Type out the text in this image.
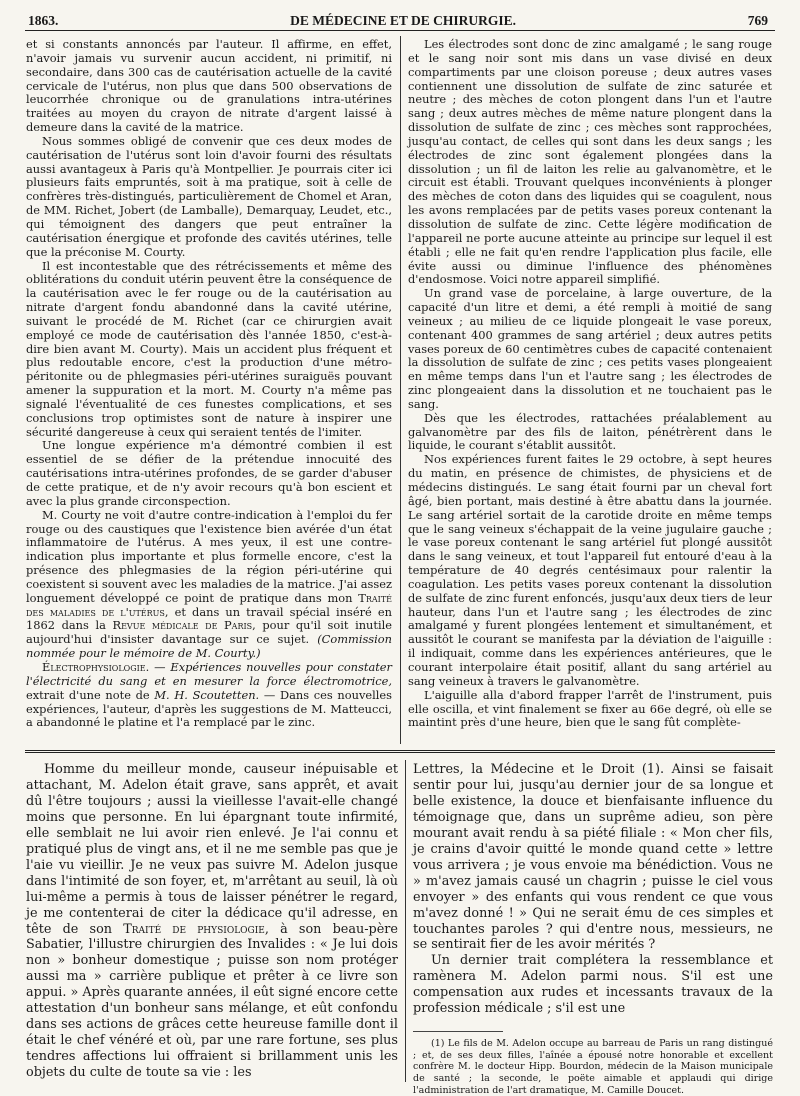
1863.	DE MÉDECINE ET DE CHIRURGIE.	769

et si constants annoncés par l'auteur. Il affirme, en effet, n'avoir jamais vu survenir aucun accident, ni primitif, ni secondaire, dans 300 cas de cautérisation actuelle de la cavité cervicale de l'utérus, non plus que dans 500 observations de leucorrhée chronique ou de granulations intra-utérines traitées au moyen du crayon de nitrate d'argent laissé à demeure dans la cavité de la matrice.

Nous sommes obligé de convenir que ces deux modes de cautérisation de l'utérus sont loin d'avoir fourni des résultats aussi avantageux à Paris qu'à Montpellier. Je pourrais citer ici plusieurs faits empruntés, soit à ma pratique, soit à celle de confrères très-distingués, particulièrement de Chomel et Aran, de MM. Richet, Jobert (de Lamballe), Demarquay, Leudet, etc., qui témoignent des dangers que peut entraîner la cautérisation énergique et profonde des cavités utérines, telle que la préconise M. Courty.

Il est incontestable que des rétrécissements et même des oblitérations du conduit utérin peuvent être la conséquence de la cautérisation avec le fer rouge ou de la cautérisation au nitrate d'argent fondu abandonné dans la cavité utérine, suivant le procédé de M. Richet (car ce chirurgien avait employé ce mode de cautérisation dès l'année 1850, c'est-à-dire bien avant M. Courty). Mais un accident plus fréquent et plus redoutable encore, c'est la production d'une métro-péritonite ou de phlegmasies péri-utérines suraiguës pouvant amener la suppuration et la mort. M. Courty n'a même pas signalé l'éventualité de ces funestes complications, et ses conclusions trop optimistes sont de nature à inspirer une sécurité dangereuse à ceux qui seraient tentés de l'imiter.

Une longue expérience m'a démontré combien il est essentiel de se défier de la prétendue innocuité des cautérisations intra-utérines profondes, de se garder d'abuser de cette pratique, et de n'y avoir recours qu'à bon escient et avec la plus grande circonspection.

M. Courty ne voit d'autre contre-indication à l'emploi du fer rouge ou des caustiques que l'existence bien avérée d'un état inflammatoire de l'utérus. A mes yeux, il est une contre-indication plus importante et plus formelle encore, c'est la présence des phlegmasies de la région péri-utérine qui coexistent si souvent avec les maladies de la matrice. J'ai assez longuement développé ce point de pratique dans mon Traité des maladies de l'utérus, et dans un travail spécial inséré en 1862 dans la Revue médicale de Paris, pour qu'il soit inutile aujourd'hui d'insister davantage sur ce sujet. (Commission nommée pour le mémoire de M. Courty.)

Électrophysiologie. — Expériences nouvelles pour constater l'électricité du sang et en mesurer la force électromotrice, extrait d'une note de M. H. Scoutetten. — Dans ces nouvelles expériences, l'auteur, d'après les suggestions de M. Matteucci, a abandonné le platine et l'a remplacé par le zinc.

Les électrodes sont donc de zinc amalgamé ; le sang rouge et le sang noir sont mis dans un vase divisé en deux compartiments par une cloison poreuse ; deux autres vases contiennent une dissolution de sulfate de zinc saturée et neutre ; des mèches de coton plongent dans l'un et l'autre sang ; deux autres mèches de même nature plongent dans la dissolution de sulfate de zinc ; ces mèches sont rapprochées, jusqu'au contact, de celles qui sont dans les deux sangs ; les électrodes de zinc sont également plongées dans la dissolution ; un fil de laiton les relie au galvanomètre, et le circuit est établi. Trouvant quelques inconvénients à plonger des mèches de coton dans des liquides qui se coagulent, nous les avons remplacées par de petits vases poreux contenant la dissolution de sulfate de zinc. Cette légère modification de l'appareil ne porte aucune atteinte au principe sur lequel il est établi ; elle ne fait qu'en rendre l'application plus facile, elle évite aussi ou diminue l'influence des phénomènes d'endosmose. Voici notre appareil simplifié.

Un grand vase de porcelaine, à large ouverture, de la capacité d'un litre et demi, a été rempli à moitié de sang veineux ; au milieu de ce liquide plongeait le vase poreux, contenant 400 grammes de sang artériel ; deux autres petits vases poreux de 60 centimètres cubes de capacité contenaient la dissolution de sulfate de zinc ; ces petits vases plongeaient en même temps dans l'un et l'autre sang ; les électrodes de zinc plongeaient dans la dissolution et ne touchaient pas le sang.

Dès que les électrodes, rattachées préalablement au galvanomètre par des fils de laiton, pénétrèrent dans le liquide, le courant s'établit aussitôt.

Nos expériences furent faites le 29 octobre, à sept heures du matin, en présence de chimistes, de physiciens et de médecins distingués. Le sang était fourni par un cheval fort âgé, bien portant, mais destiné à être abattu dans la journée. Le sang artériel sortait de la carotide droite en même temps que le sang veineux s'échappait de la veine jugulaire gauche ; le vase poreux contenant le sang artériel fut plongé aussitôt dans le sang veineux, et tout l'appareil fut entouré d'eau à la température de 40 degrés centésimaux pour ralentir la coagulation. Les petits vases poreux contenant la dissolution de sulfate de zinc furent enfoncés, jusqu'aux deux tiers de leur hauteur, dans l'un et l'autre sang ; les électrodes de zinc amalgamé y furent plongées lentement et simultanément, et aussitôt le courant se manifesta par la déviation de l'aiguille : il indiquait, comme dans les expériences antérieures, que le courant interpolaire était positif, allant du sang artériel au sang veineux à travers le galvanomètre.

L'aiguille alla d'abord frapper l'arrêt de l'instrument, puis elle oscilla, et vint finalement se fixer au 66e degré, où elle se maintint près d'une heure, bien que le sang fût complète-

Homme du meilleur monde, causeur inépuisable et attachant, M. Adelon était grave, sans apprêt, et avait dû l'être toujours ; aussi la vieillesse l'avait-elle changé moins que personne. En lui épargnant toute infirmité, elle semblait ne lui avoir rien enlevé. Je l'ai connu et pratiqué plus de vingt ans, et il ne me semble pas que je l'aie vu vieillir. Je ne veux pas suivre M. Adelon jusque dans l'intimité de son foyer, et, m'arrêtant au seuil, là où lui-même a permis à tous de laisser pénétrer le regard, je me contenterai de citer la dédicace qu'il adresse, en tête de son Traité de physiologie, à son beau-père Sabatier, l'illustre chirurgien des Invalides : « Je lui dois non » bonheur domestique ; puisse son nom protéger aussi ma » carrière publique et prêter à ce livre son appui. » Après quarante années, il eût signé encore cette attestation d'un bonheur sans mélange, et eût confondu dans ses actions de grâces cette heureuse famille dont il était le chef vénéré et où, par une rare fortune, ses plus tendres affections lui offraient si brillamment unis les objets du culte de toute sa vie : les

Lettres, la Médecine et le Droit (1). Ainsi se faisait sentir pour lui, jusqu'au dernier jour de sa longue et belle existence, la douce et bienfaisante influence du témoignage que, dans un suprême adieu, son père mourant avait rendu à sa piété filiale : « Mon cher fils, je crains d'avoir quitté le monde quand cette » lettre vous arrivera ; je vous envoie ma bénédiction. Vous ne » m'avez jamais causé un chagrin ; puisse le ciel vous envoyer » des enfants qui vous rendent ce que vous m'avez donné ! » Qui ne serait ému de ces simples et touchantes paroles ? qui d'entre nous, messieurs, ne se sentirait fier de les avoir mérités ?

Un dernier trait complétera la ressemblance et ramènera M. Adelon parmi nous. S'il est une compensation aux rudes et incessants travaux de la profession médicale ; s'il est une

(1) Le fils de M. Adelon occupe au barreau de Paris un rang distingué ; et, de ses deux filles, l'aînée a épousé notre honorable et excellent confrère M. le docteur Hipp. Bourdon, médecin de la Maison municipale de santé ; la seconde, le poëte aimable et applaudi qui dirige l'administration de l'art dramatique, M. Camille Doucet.
